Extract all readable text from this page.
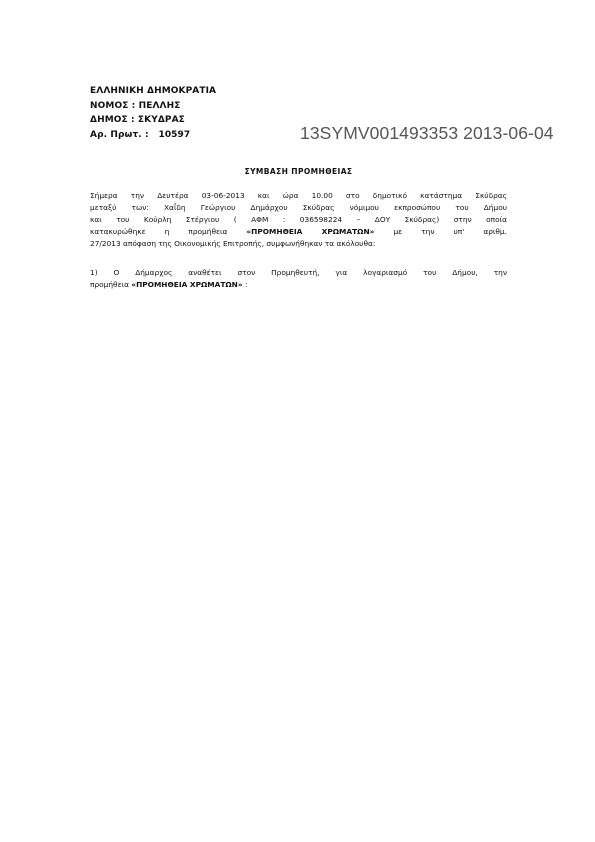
ΕΛΛΗΝΙΚΗ ΔΗΜΟΚΡΑΤΙΑ
ΝΟΜΟΣ : ΠΕΛΛΗΣ
ΔΗΜΟΣ : ΣΚΥΔΡΑΣ
Αρ. Πρωτ. :   10597	13SYMV001493353 2013-06-04
ΣΥΜΒΑΣΗ ΠΡΟΜΗΘΕΙΑΣ
Σήμερα την Δευτέρα 03-06-2013 και ώρα 10.00 στο δημοτικό κατάστημα Σκύδρας
μεταξύ των: Χαΐδη Γεώργιου Δημάρχου Σκύδρας νόμιμου εκπροσώπου του Δήμου
και του Κούρλη Στέργιου ( ΑΦΜ : 036598224 – ΔΟΥ Σκύδρας) στην οποία
κατακυρώθηκε η προμήθεια «ΠΡΟΜΗΘΕΙΑ ΧΡΩΜΑΤΩΝ» με την υπ' αριθμ.
27/2013 απόφαση της Οικονομικής Επιτροπής, συμφωνήθηκαν τα ακόλουθα:
1) Ο Δήμαρχος αναθέτει στον Προμηθευτή, για λογαριασμό του Δήμου, την
προμήθεια «ΠΡΟΜΗΘΕΙΑ ΧΡΩΜΑΤΩΝ» :
